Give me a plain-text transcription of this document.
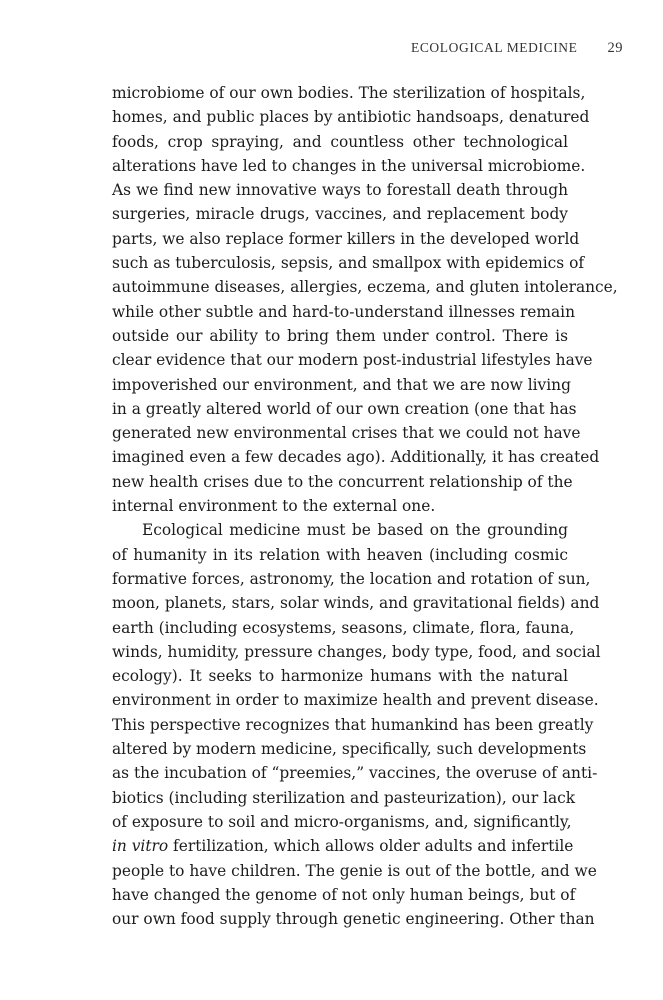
ECOLOGICAL MEDICINE 29
microbiome of our own bodies. The sterilization of hospitals,
homes, and public places by antibiotic handsoaps, denatured
foods, crop spraying, and countless other technological
alterations have led to changes in the universal microbiome.
As we find new innovative ways to forestall death through
surgeries, miracle drugs, vaccines, and replacement body
parts, we also replace former killers in the developed world
such as tuberculosis, sepsis, and smallpox with epidemics of
autoimmune diseases, allergies, eczema, and gluten intolerance,
while other subtle and hard-to-understand illnesses remain
outside our ability to bring them under control. There is
clear evidence that our modern post-industrial lifestyles have
impoverished our environment, and that we are now living
in a greatly altered world of our own creation (one that has
generated new environmental crises that we could not have
imagined even a few decades ago). Additionally, it has created
new health crises due to the concurrent relationship of the
internal environment to the external one.
Ecological medicine must be based on the grounding
of humanity in its relation with heaven (including cosmic
formative forces, astronomy, the location and rotation of sun,
moon, planets, stars, solar winds, and gravitational fields) and
earth (including ecosystems, seasons, climate, flora, fauna,
winds, humidity, pressure changes, body type, food, and social
ecology). It seeks to harmonize humans with the natural
environment in order to maximize health and prevent disease.
This perspective recognizes that humankind has been greatly
altered by modern medicine, specifically, such developments
as the incubation of “preemies,” vaccines, the overuse of anti-
biotics (including sterilization and pasteurization), our lack
of exposure to soil and micro-organisms, and, significantly,
in vitro fertilization, which allows older adults and infertile
people to have children. The genie is out of the bottle, and we
have changed the genome of not only human beings, but of
our own food supply through genetic engineering. Other than
